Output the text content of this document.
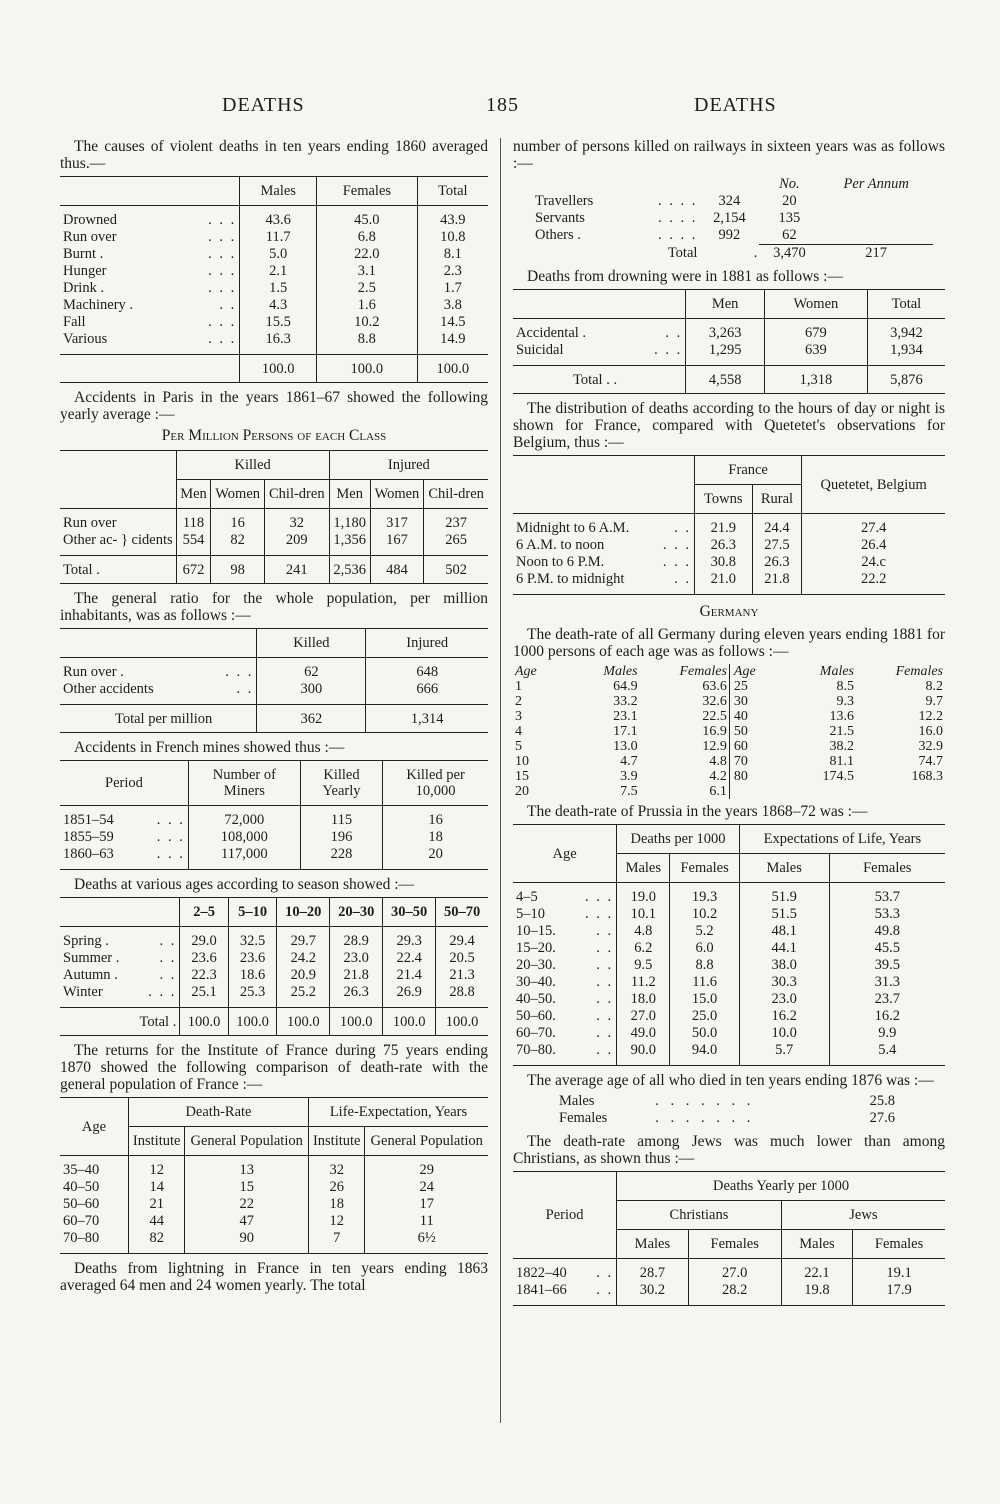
DEATHS	185	DEATHS

The causes of violent deaths in ten years ending 1860 averaged thus.—

	Males	Females	Total
Drowned . . .	43.6	45.0	43.9
Run over . . .	11.7	6.8	10.8
Burnt . . . .	5.0	22.0	8.1
Hunger . . .	2.1	3.1	2.3
Drink . . . .	1.5	2.5	1.7
Machinery . . .	4.3	1.6	3.8
Fall . . .	15.5	10.2	14.5
Various . . .	16.3	8.8	14.9
	100.0	100.0	100.0

Accidents in Paris in the years 1861–67 showed the following yearly average :—

Per Million Persons of each Class
	Killed			Injured		
	Men	Women	Chil-dren	Men	Women	Chil-dren
Run over	118	16	32	1,180	317	237
Other ac- } cidents	554	82	209	1,356	167	265
Total .	672	98	241	2,536	484	502

The general ratio for the whole population, per million inhabitants, was as follows :—

	Killed	Injured
Run over . . . .	62	648
Other accidents . .	300	666
Total per million	362	1,314

Accidents in French mines showed thus :—

Period	Number of Miners	Killed Yearly	Killed per 10,000
1851–54 . . .	72,000	115	16
1855–59 . . .	108,000	196	18
1860–63 . . .	117,000	228	20

Deaths at various ages according to season showed :—

	2–5	5–10	10–20	20–30	30–50	50–70
Spring . . .	29.0	32.5	29.7	28.9	29.3	29.4
Summer . . .	23.6	23.6	24.2	23.0	22.4	20.5
Autumn . . .	22.3	18.6	20.9	21.8	21.4	21.3
Winter . . .	25.1	25.3	25.2	26.3	26.9	28.8
Total .	100.0	100.0	100.0	100.0	100.0	100.0

The returns for the Institute of France during 75 years ending 1870 showed the following comparison of death-rate with the general population of France :—

Age	Death-Rate		Life-Expectation, Years	
	Institute	General Population	Institute	General Population
35–40	12	13	32	29
40–50	14	15	26	24
50–60	21	22	18	17
60–70	44	47	12	11
70–80	82	90	7	6½

Deaths from lightning in France in ten years ending 1863 averaged 64 men and 24 women yearly. The total

number of persons killed on railways in sixteen years was as follows :—

		No.	Per Annum
Travellers . . . .	324	20	
Servants . . . .	2,154	135	
Others . . . . .	992	62	

Total	.	3,470	217

Deaths from drowning were in 1881 as follows :—

	Men	Women	Total
Accidental . . .	3,263	679	3,942
Suicidal . . .	1,295	639	1,934
Total . .	4,558	1,318	5,876

The distribution of deaths according to the hours of day or night is shown for France, compared with Quetetet's observations for Belgium, thus :—

	France		Quetetet, Belgium
	Towns	Rural	
Midnight to 6 A.M. . .	21.9	24.4	27.4
6 A.M. to noon . . .	26.3	27.5	26.4
Noon to 6 P.M. . . .	30.8	26.3	24.c
6 P.M. to midnight . .	21.0	21.8	22.2
Germany

The death-rate of all Germany during eleven years ending 1881 for 1000 persons of each age was as follows :—

Age	Males	Females	Age	Males	Females
1	64.9	63.6	25	8.5	8.2
2	33.2	32.6	30	9.3	9.7
3	23.1	22.5	40	13.6	12.2
4	17.1	16.9	50	21.5	16.0
5	13.0	12.9	60	38.2	32.9
10	4.7	4.8	70	81.1	74.7
15	3.9	4.2	80	174.5	168.3
20	7.5	6.1			

The death-rate of Prussia in the years 1868–72 was :—

Age	Deaths per 1000		Expectations of Life, Years	
	Males	Females	Males	Females
4–5 . . .	19.0	19.3	51.9	53.7
5–10 . . .	10.1	10.2	51.5	53.3
10–15. . .	4.8	5.2	48.1	49.8
15–20. . .	6.2	6.0	44.1	45.5
20–30. . .	9.5	8.8	38.0	39.5
30–40. . .	11.2	11.6	30.3	31.3
40–50. . .	18.0	15.0	23.0	23.7
50–60. . .	27.0	25.0	16.2	16.2
60–70. . .	49.0	50.0	10.0	9.9
70–80. . .	90.0	94.0	5.7	5.4

The average age of all who died in ten years ending 1876 was :—

Males	. . . . . . .	25.8
Females	. . . . . . .	27.6

The death-rate among Jews was much lower than among Christians, as shown thus :—

Period	Deaths Yearly per 1000			
	Christians		Jews	
	Males	Females	Males	Females
1822–40 . .	28.7	27.0	22.1	19.1
1841–66 . .	30.2	28.2	19.8	17.9
